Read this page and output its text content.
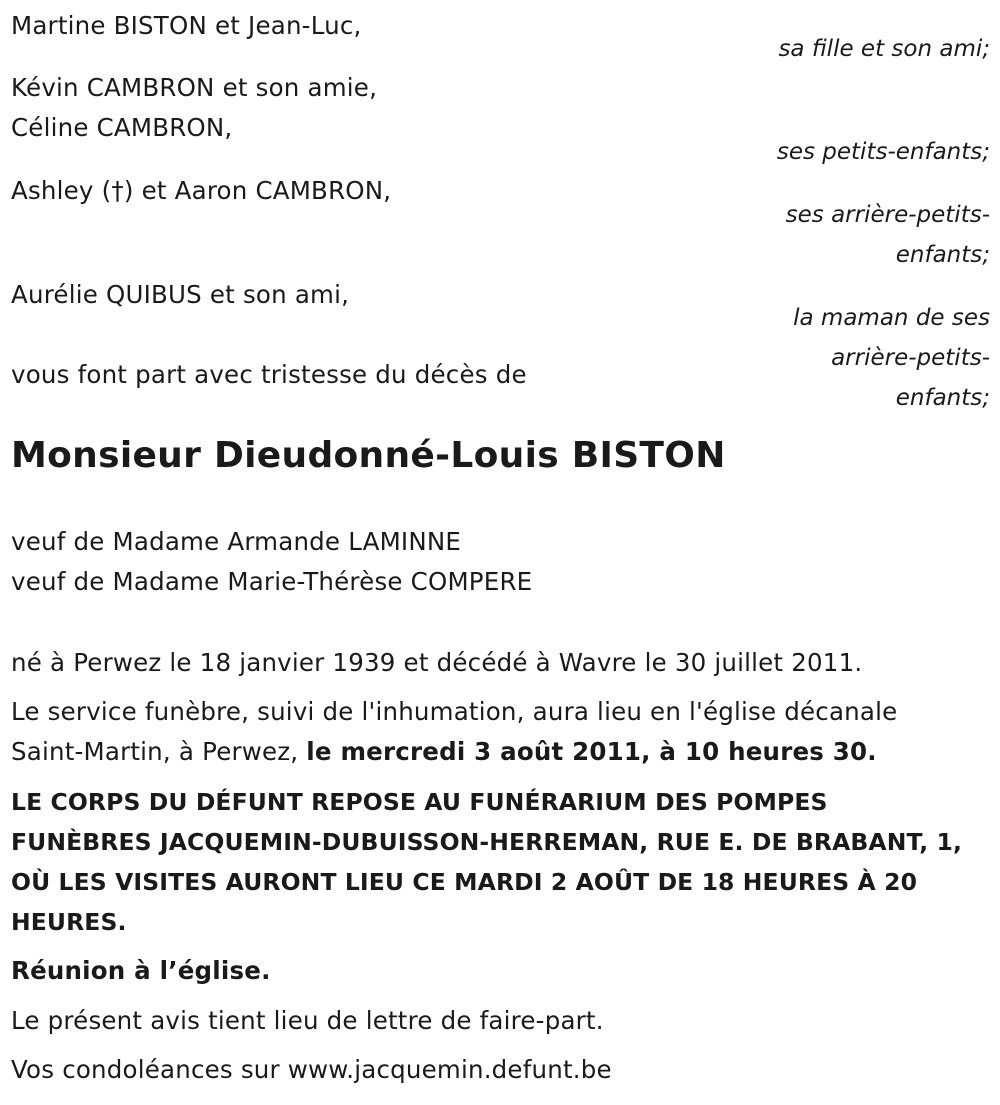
Martine BISTON et Jean-Luc,
Kévin CAMBRON et son amie,
Céline CAMBRON,
Ashley (†) et Aaron CAMBRON,
Aurélie QUIBUS et son ami,
sa fille et son ami;
ses petits-enfants;
ses arrière-petits-
enfants;
la maman de ses
arrière-petits-
enfants;
vous font part avec tristesse du décès de
Monsieur Dieudonné-Louis BISTON
veuf de Madame Armande LAMINNE
veuf de Madame Marie-Thérèse COMPERE
né à Perwez le 18 janvier 1939 et décédé à Wavre le 30 juillet 2011.
Le service funèbre, suivi de l'inhumation, aura lieu en l'église décanale
Saint-Martin, à Perwez, le mercredi 3 août 2011, à 10 heures 30.
LE CORPS DU DÉFUNT REPOSE AU FUNÉRARIUM DES POMPES
FUNÈBRES JACQUEMIN-DUBUISSON-HERREMAN, RUE E. DE BRABANT, 1,
OÙ LES VISITES AURONT LIEU CE MARDI 2 AOÛT DE 18 HEURES À 20
HEURES.
Réunion à l’église.
Le présent avis tient lieu de lettre de faire-part.
Vos condoléances sur www.jacquemin.defunt.be
